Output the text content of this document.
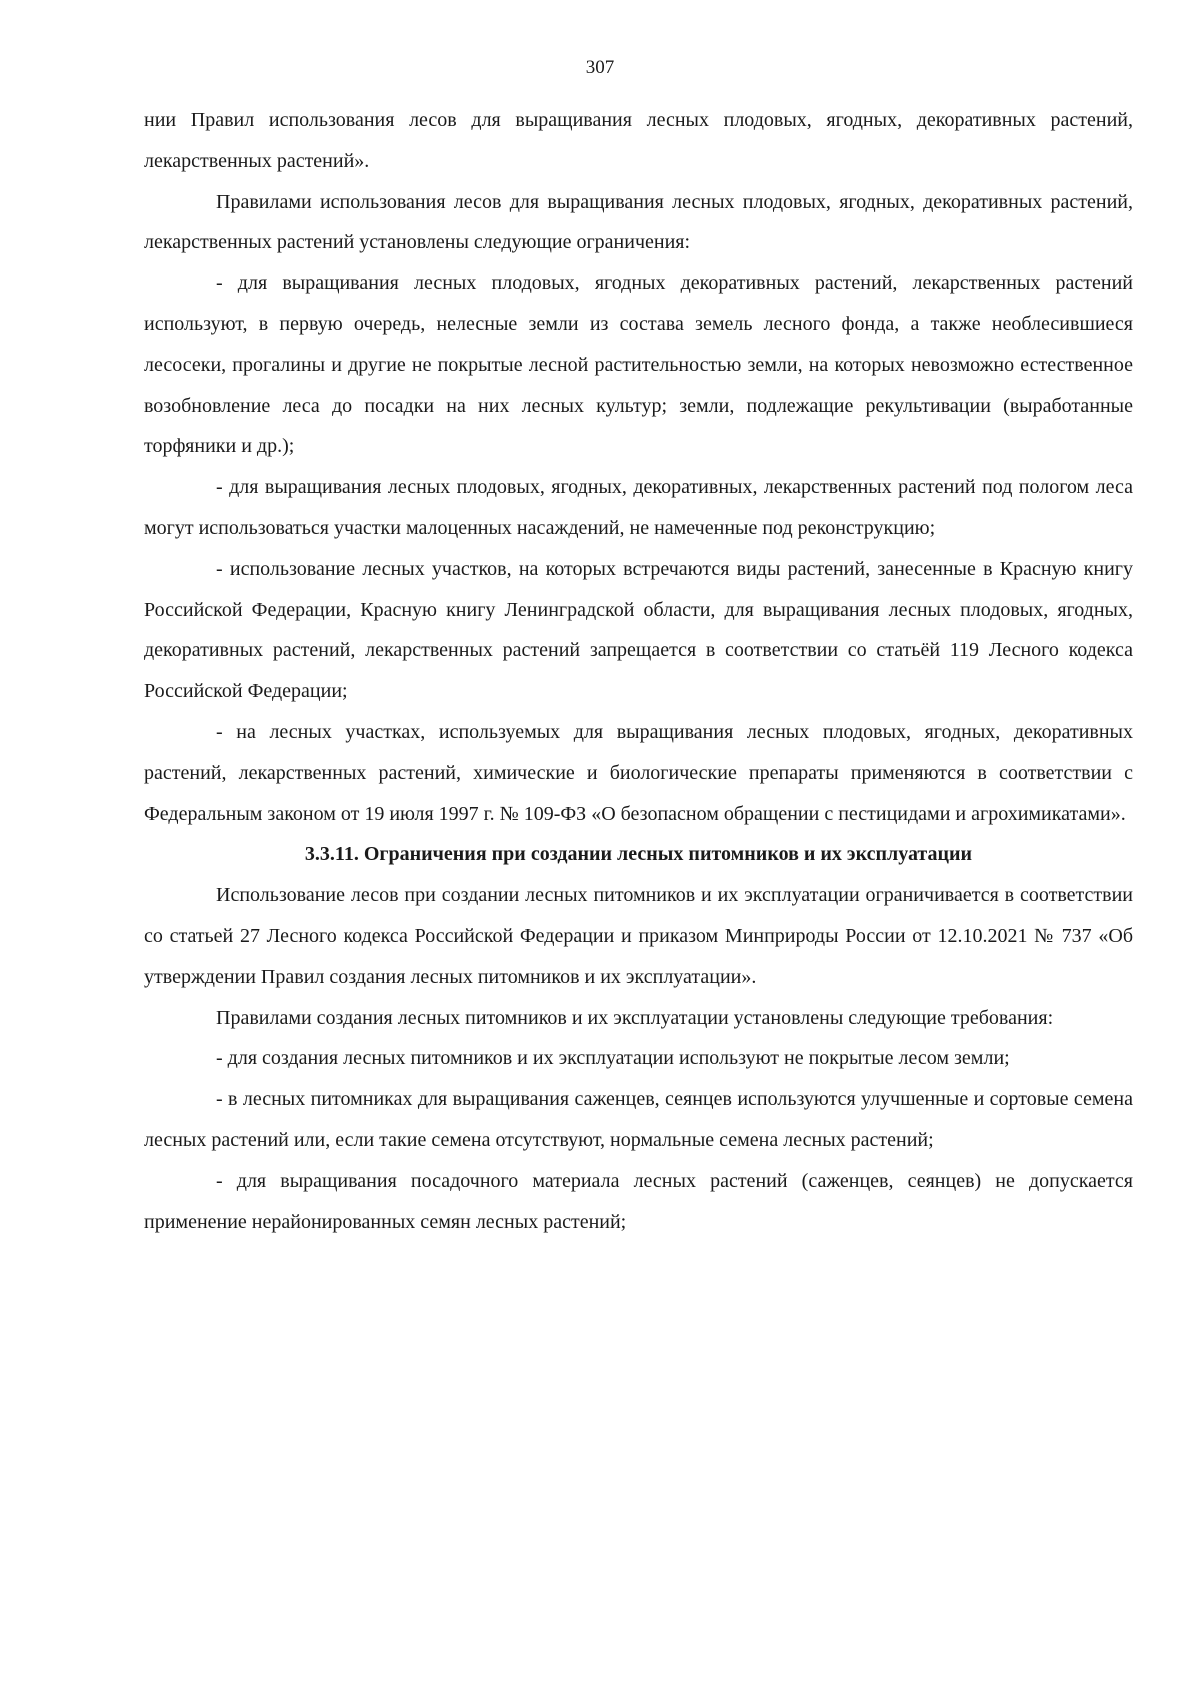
307

нии Правил использования лесов для выращивания лесных плодовых, ягодных, декоративных растений, лекарственных растений».

Правилами использования лесов для выращивания лесных плодовых, ягодных, декоративных растений, лекарственных растений установлены следующие ограничения:

- для выращивания лесных плодовых, ягодных декоративных растений, лекарственных растений используют, в первую очередь, нелесные земли из состава земель лесного фонда, а также необлесившиеся лесосеки, прогалины и другие не покрытые лесной растительностью земли, на которых невозможно естественное возобновление леса до посадки на них лесных культур; земли, подлежащие рекультивации (выработанные торфяники и др.);

- для выращивания лесных плодовых, ягодных, декоративных, лекарственных растений под пологом леса могут использоваться участки малоценных насаждений, не намеченные под реконструкцию;

- использование лесных участков, на которых встречаются виды растений, занесенные в Красную книгу Российской Федерации, Красную книгу Ленинградской области, для выращивания лесных плодовых, ягодных, декоративных растений, лекарственных растений запрещается в соответствии со статьёй 119 Лесного кодекса Российской Федерации;

- на лесных участках, используемых для выращивания лесных плодовых, ягодных, декоративных растений, лекарственных растений, химические и биологические препараты применяются в соответствии с Федеральным законом от 19 июля 1997 г. № 109-ФЗ «О безопасном обращении с пестицидами и агрохимикатами».

3.3.11. Ограничения при создании лесных питомников и их эксплуатации

Использование лесов при создании лесных питомников и их эксплуатации ограничивается в соответствии со статьей 27 Лесного кодекса Российской Федерации и приказом Минприроды России от 12.10.2021 № 737 «Об утверждении Правил создания лесных питомников и их эксплуатации».

Правилами создания лесных питомников и их эксплуатации установлены следующие требования:

- для создания лесных питомников и их эксплуатации используют не покрытые лесом земли;

- в лесных питомниках для выращивания саженцев, сеянцев используются улучшенные и сортовые семена лесных растений или, если такие семена отсутствуют, нормальные семена лесных растений;

- для выращивания посадочного материала лесных растений (саженцев, сеянцев) не допускается применение нерайонированных семян лесных растений;
